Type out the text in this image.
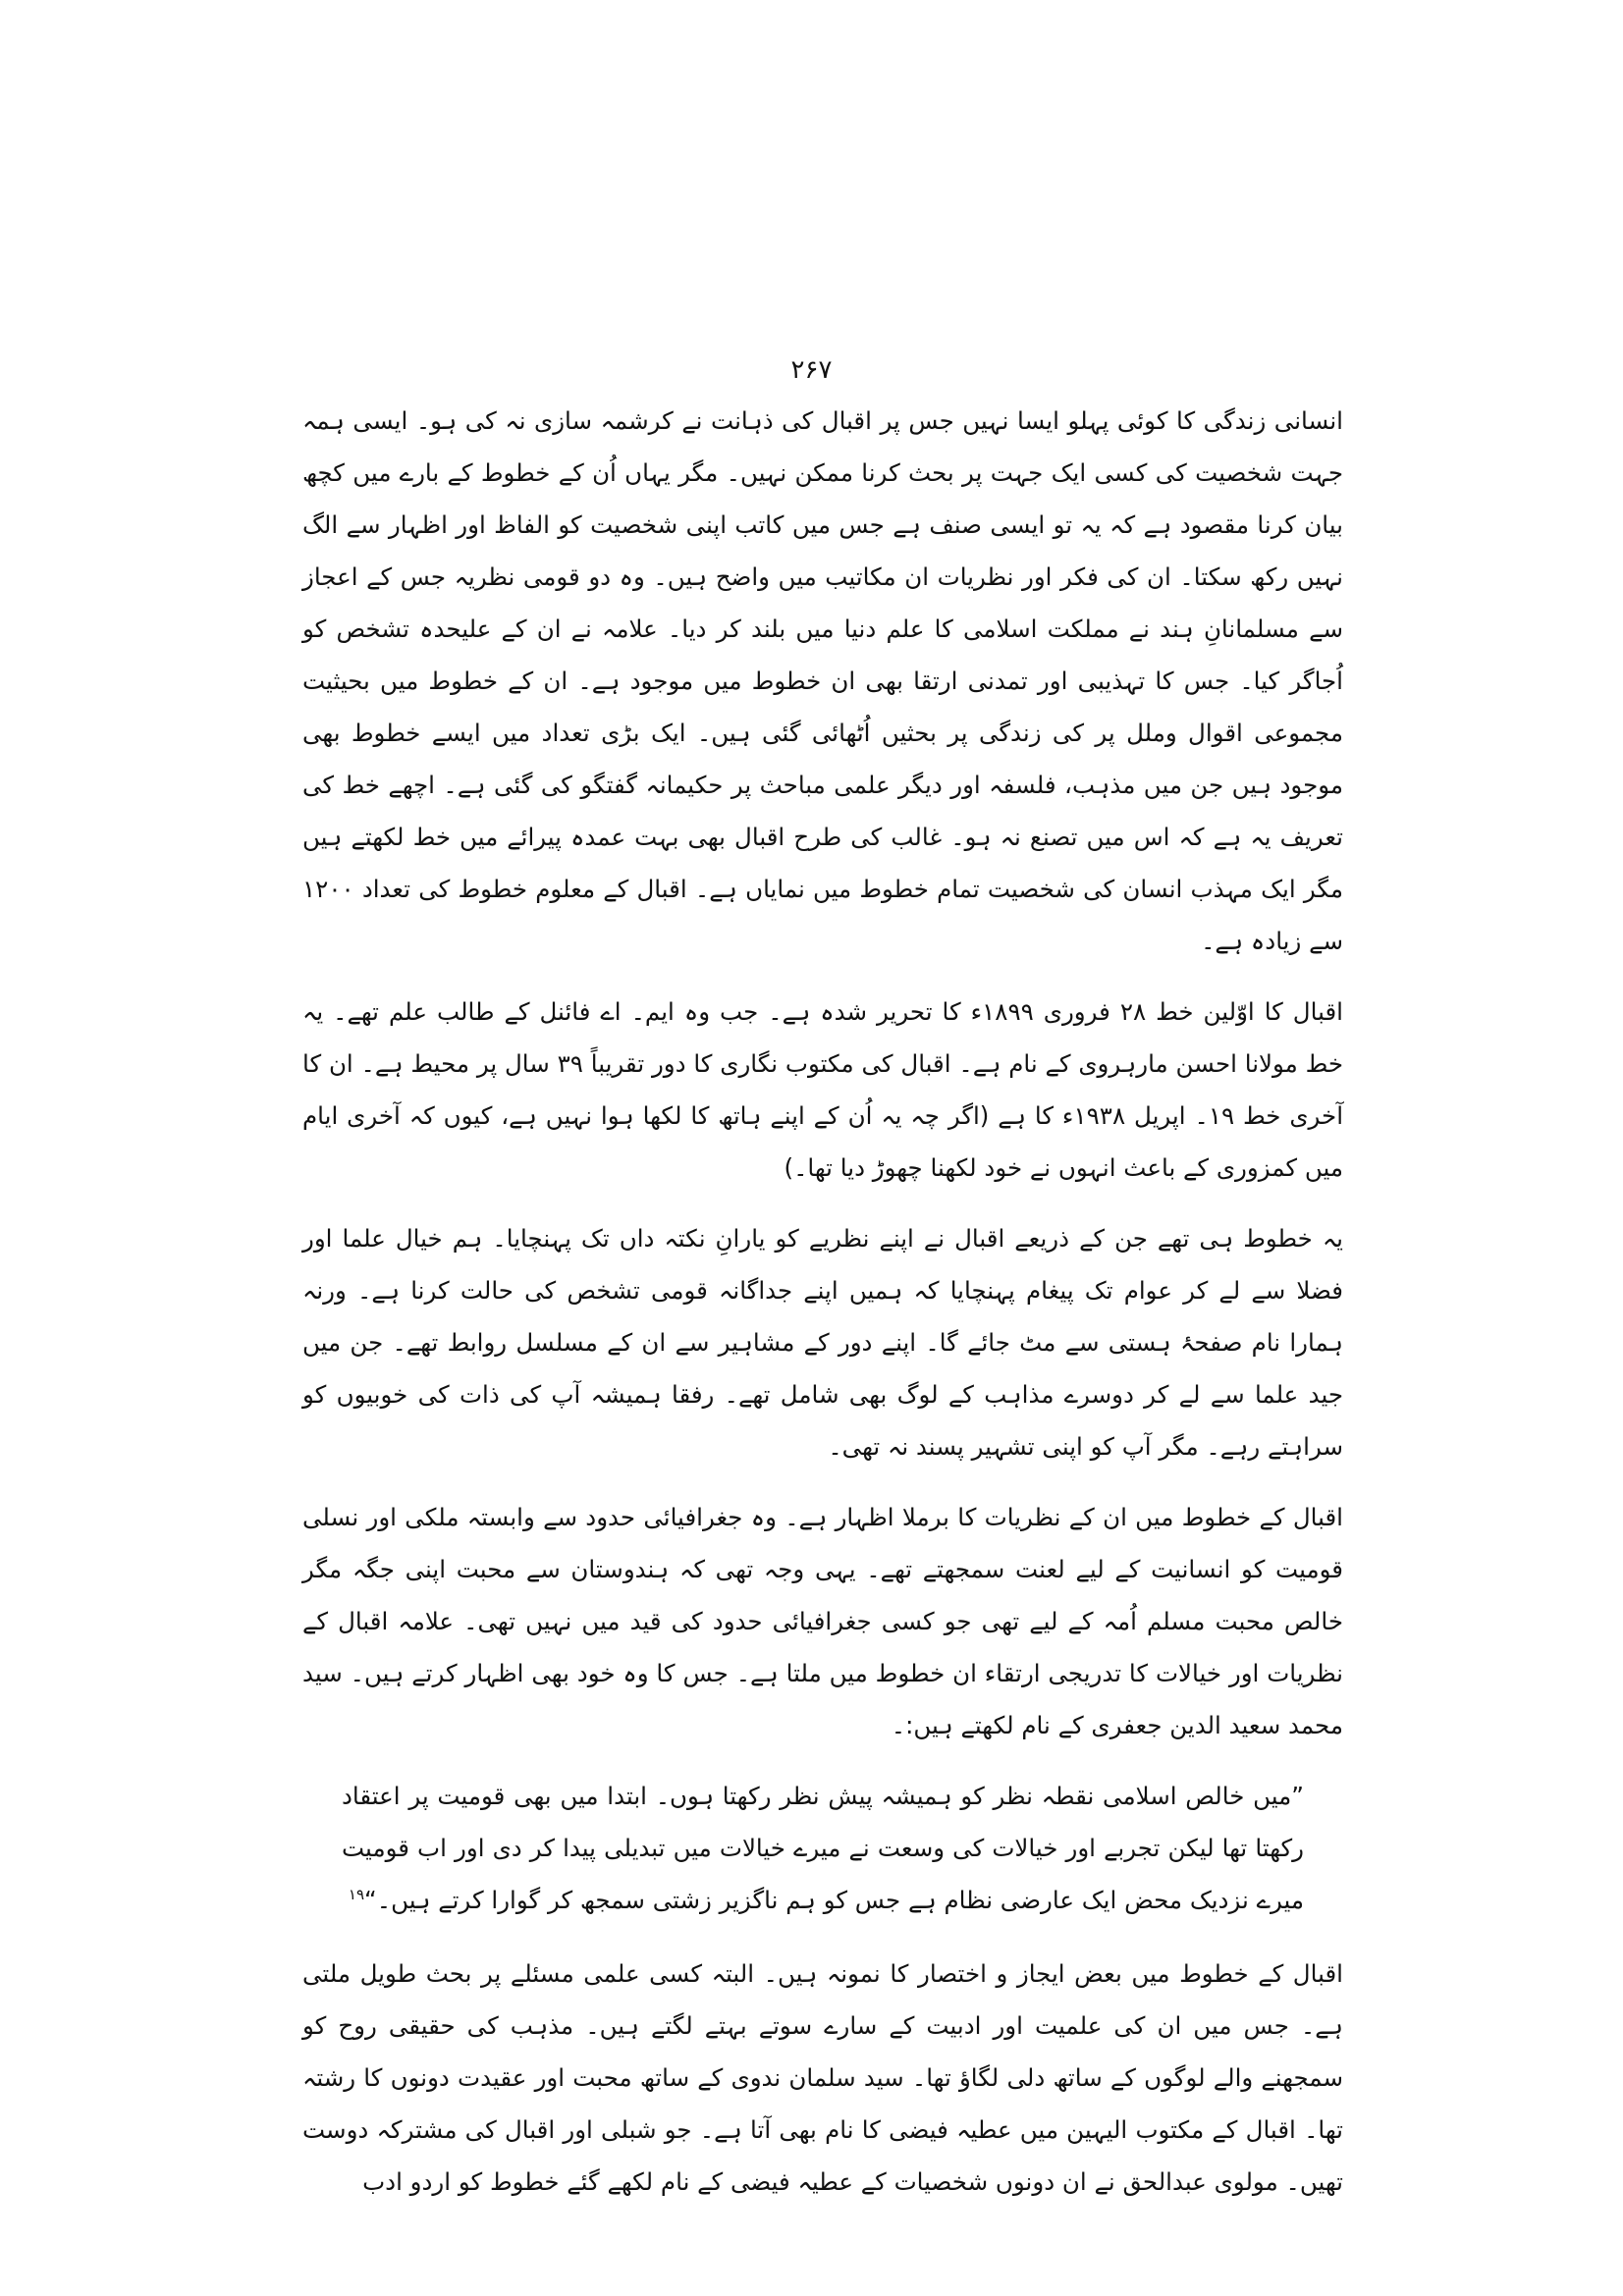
۲۶۷

انسانی زندگی کا کوئی پہلو ایسا نہیں جس پر اقبال کی ذہانت نے کرشمہ سازی نہ کی ہو۔ ایسی ہمہ جہت شخصیت کی کسی ایک جہت پر بحث کرنا ممکن نہیں۔ مگر یہاں اُن کے خطوط کے بارے میں کچھ بیان کرنا مقصود ہے کہ یہ تو ایسی صنف ہے جس میں کاتب اپنی شخصیت کو الفاظ اور اظہار سے الگ نہیں رکھ سکتا۔ ان کی فکر اور نظریات ان مکاتیب میں واضح ہیں۔ وہ دو قومی نظریہ جس کے اعجاز سے مسلمانانِ ہند نے مملکت اسلامی کا علم دنیا میں بلند کر دیا۔ علامہ نے ان کے علیحدہ تشخص کو اُجاگر کیا۔ جس کا تہذیبی اور تمدنی ارتقا بھی ان خطوط میں موجود ہے۔ ان کے خطوط میں بحیثیت مجموعی اقوال وملل پر کی زندگی پر بحثیں اُٹھائی گئی ہیں۔ ایک بڑی تعداد میں ایسے خطوط بھی موجود ہیں جن میں مذہب، فلسفہ اور دیگر علمی مباحث پر حکیمانہ گفتگو کی گئی ہے۔ اچھے خط کی تعریف یہ ہے کہ اس میں تصنع نہ ہو۔ غالب کی طرح اقبال بھی بہت عمدہ پیرائے میں خط لکھتے ہیں مگر ایک مہذب انسان کی شخصیت تمام خطوط میں نمایاں ہے۔ اقبال کے معلوم خطوط کی تعداد ۱۲۰۰ سے زیادہ ہے۔

اقبال کا اوّلین خط ۲۸ فروری ۱۸۹۹ء کا تحریر شدہ ہے۔ جب وہ ایم۔ اے فائنل کے طالب علم تھے۔ یہ خط مولانا احسن مارہروی کے نام ہے۔ اقبال کی مکتوب نگاری کا دور تقریباً ۳۹ سال پر محیط ہے۔ ان کا آخری خط ۱۹۔ اپریل ۱۹۳۸ء کا ہے (اگر چہ یہ اُن کے اپنے ہاتھ کا لکھا ہوا نہیں ہے، کیوں کہ آخری ایام میں کمزوری کے باعث انہوں نے خود لکھنا چھوڑ دیا تھا۔)

یہ خطوط ہی تھے جن کے ذریعے اقبال نے اپنے نظریے کو یارانِ نکتہ داں تک پہنچایا۔ ہم خیال علما اور فضلا سے لے کر عوام تک پیغام پہنچایا کہ ہمیں اپنے جداگانہ قومی تشخص کی حالت کرنا ہے۔ ورنہ ہمارا نام صفحۂ ہستی سے مٹ جائے گا۔ اپنے دور کے مشاہیر سے ان کے مسلسل روابط تھے۔ جن میں جید علما سے لے کر دوسرے مذاہب کے لوگ بھی شامل تھے۔ رفقا ہمیشہ آپ کی ذات کی خوبیوں کو سراہتے رہے۔ مگر آپ کو اپنی تشہیر پسند نہ تھی۔

اقبال کے خطوط میں ان کے نظریات کا برملا اظہار ہے۔ وہ جغرافیائی حدود سے وابستہ ملکی اور نسلی قومیت کو انسانیت کے لیے لعنت سمجھتے تھے۔ یہی وجہ تھی کہ ہندوستان سے محبت اپنی جگہ مگر خالص محبت مسلم اُمہ کے لیے تھی جو کسی جغرافیائی حدود کی قید میں نہیں تھی۔ علامہ اقبال کے نظریات اور خیالات کا تدریجی ارتقاء ان خطوط میں ملتا ہے۔ جس کا وہ خود بھی اظہار کرتے ہیں۔ سید محمد سعید الدین جعفری کے نام لکھتے ہیں:۔

”میں خالص اسلامی نقطہ نظر کو ہمیشہ پیش نظر رکھتا ہوں۔ ابتدا میں بھی قومیت پر اعتقاد رکھتا تھا لیکن تجربے اور خیالات کی وسعت نے میرے خیالات میں تبدیلی پیدا کر دی اور اب قومیت میرے نزدیک محض ایک عارضی نظام ہے جس کو ہم ناگزیر زشتی سمجھ کر گوارا کرتے ہیں۔“$^{۱۹}$

اقبال کے خطوط میں بعض ایجاز و اختصار کا نمونہ ہیں۔ البتہ کسی علمی مسئلے پر بحث طویل ملتی ہے۔ جس میں ان کی علمیت اور ادبیت کے سارے سوتے بہتے لگتے ہیں۔ مذہب کی حقیقی روح کو سمجھنے والے لوگوں کے ساتھ دلی لگاؤ تھا۔ سید سلمان ندوی کے ساتھ محبت اور عقیدت دونوں کا رشتہ تھا۔ اقبال کے مکتوب الیہین میں عطیہ فیضی کا نام بھی آتا ہے۔ جو شبلی اور اقبال کی مشترکہ دوست تھیں۔ مولوی عبدالحق نے ان دونوں شخصیات کے عطیہ فیضی کے نام لکھے گئے خطوط کو اردو ادب
